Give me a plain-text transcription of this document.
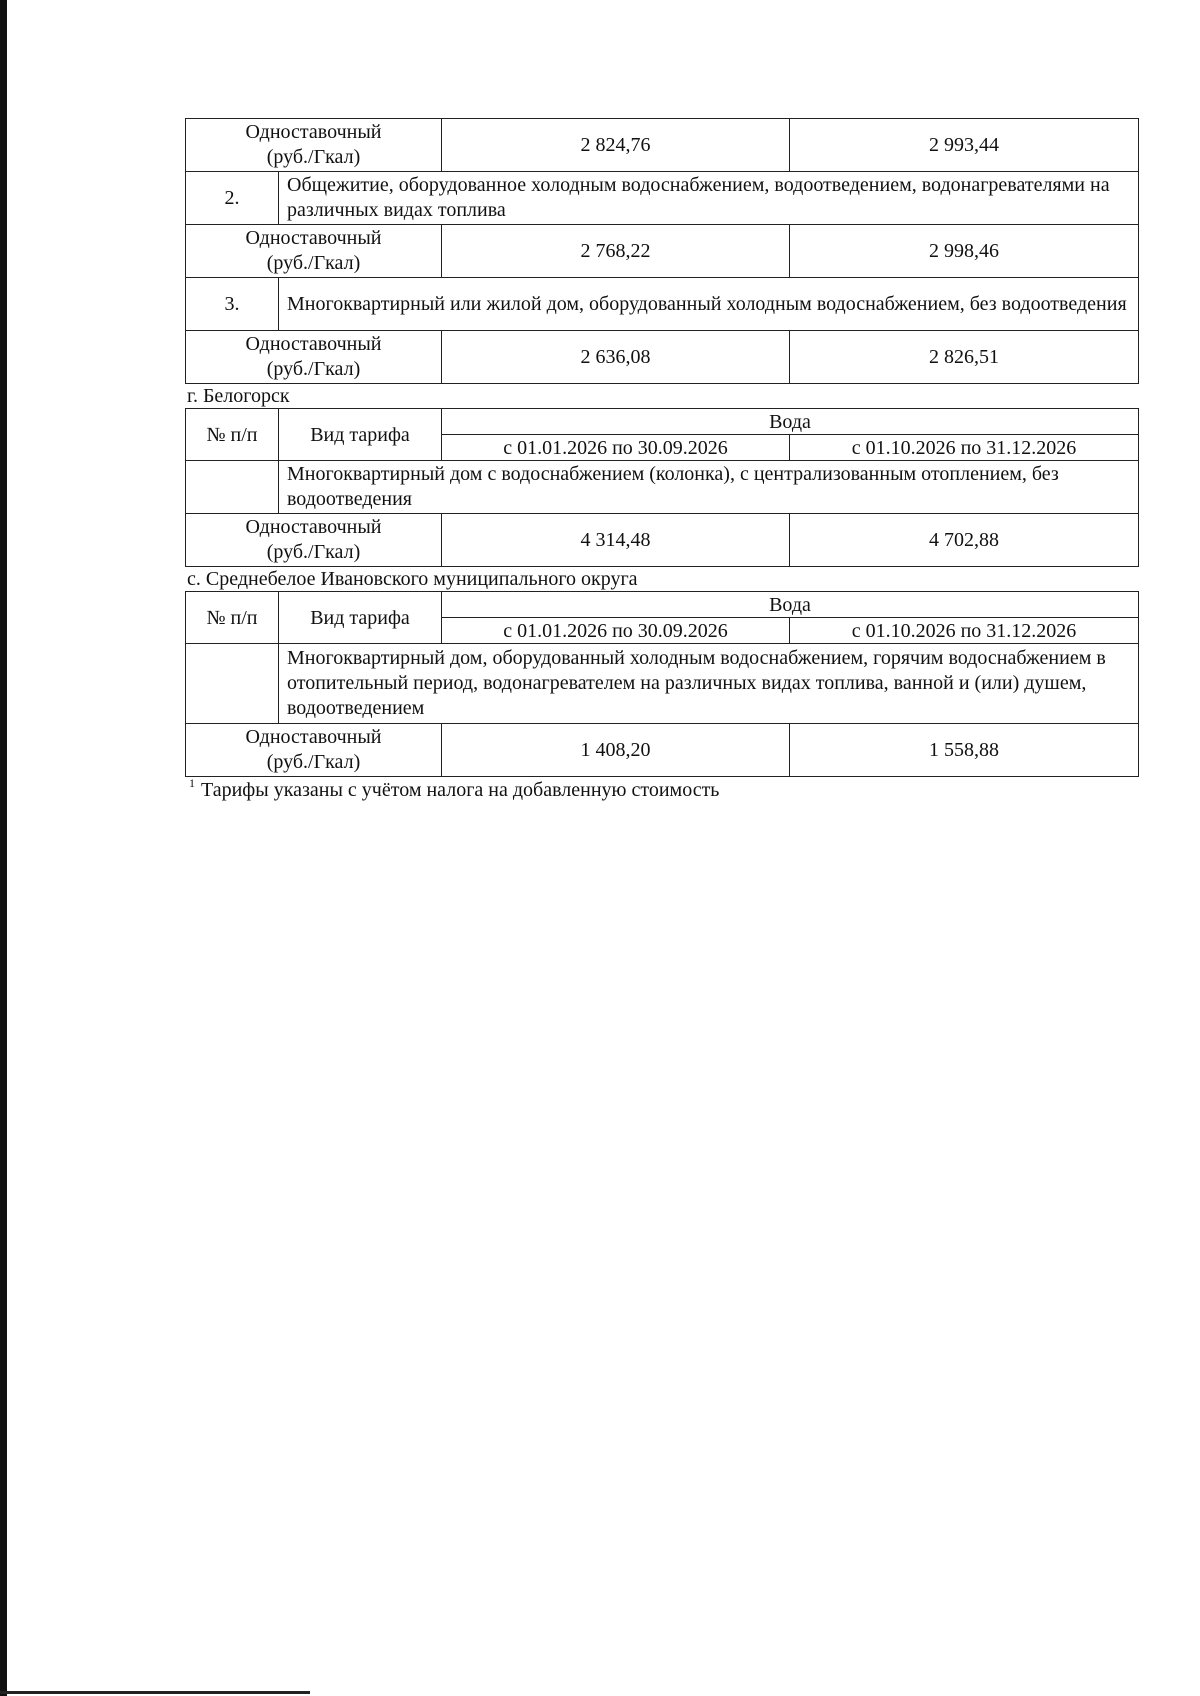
Одноставочный
(руб./Гкал)		2 824,76	2 993,44
2.	Общежитие, оборудованное холодным водоснабжением, водоотведением, водонагревателями на различных видах топлива		

Одноставочный
(руб./Гкал)		2 768,22	2 998,46
3.	Многоквартирный или жилой дом, оборудованный холодным водоснабжением, без водоотведения		

Одноставочный
(руб./Гкал)		2 636,08	2 826,51
г. Белогорск
№ п/п	Вид тарифа	Вода	
		с 01.01.2026 по 30.09.2026	с 01.10.2026 по 31.12.2026
	Многоквартирный дом с водоснабжением (колонка), с централизованным отоплением, без водоотведения		

Одноставочный
(руб./Гкал)		4 314,48	4 702,88
с. Среднебелое Ивановского муниципального округа
№ п/п	Вид тарифа	Вода	
		с 01.01.2026 по 30.09.2026	с 01.10.2026 по 31.12.2026
	Многоквартирный дом, оборудованный холодным водоснабжением, горячим водоснабжением в отопительный период, водонагревателем на различных видах топлива, ванной и (или) душем, водоотведением		

Одноставочный
(руб./Гкал)		1 408,20	1 558,88
$^1$ Тарифы указаны с учётом налога на добавленную стоимость
